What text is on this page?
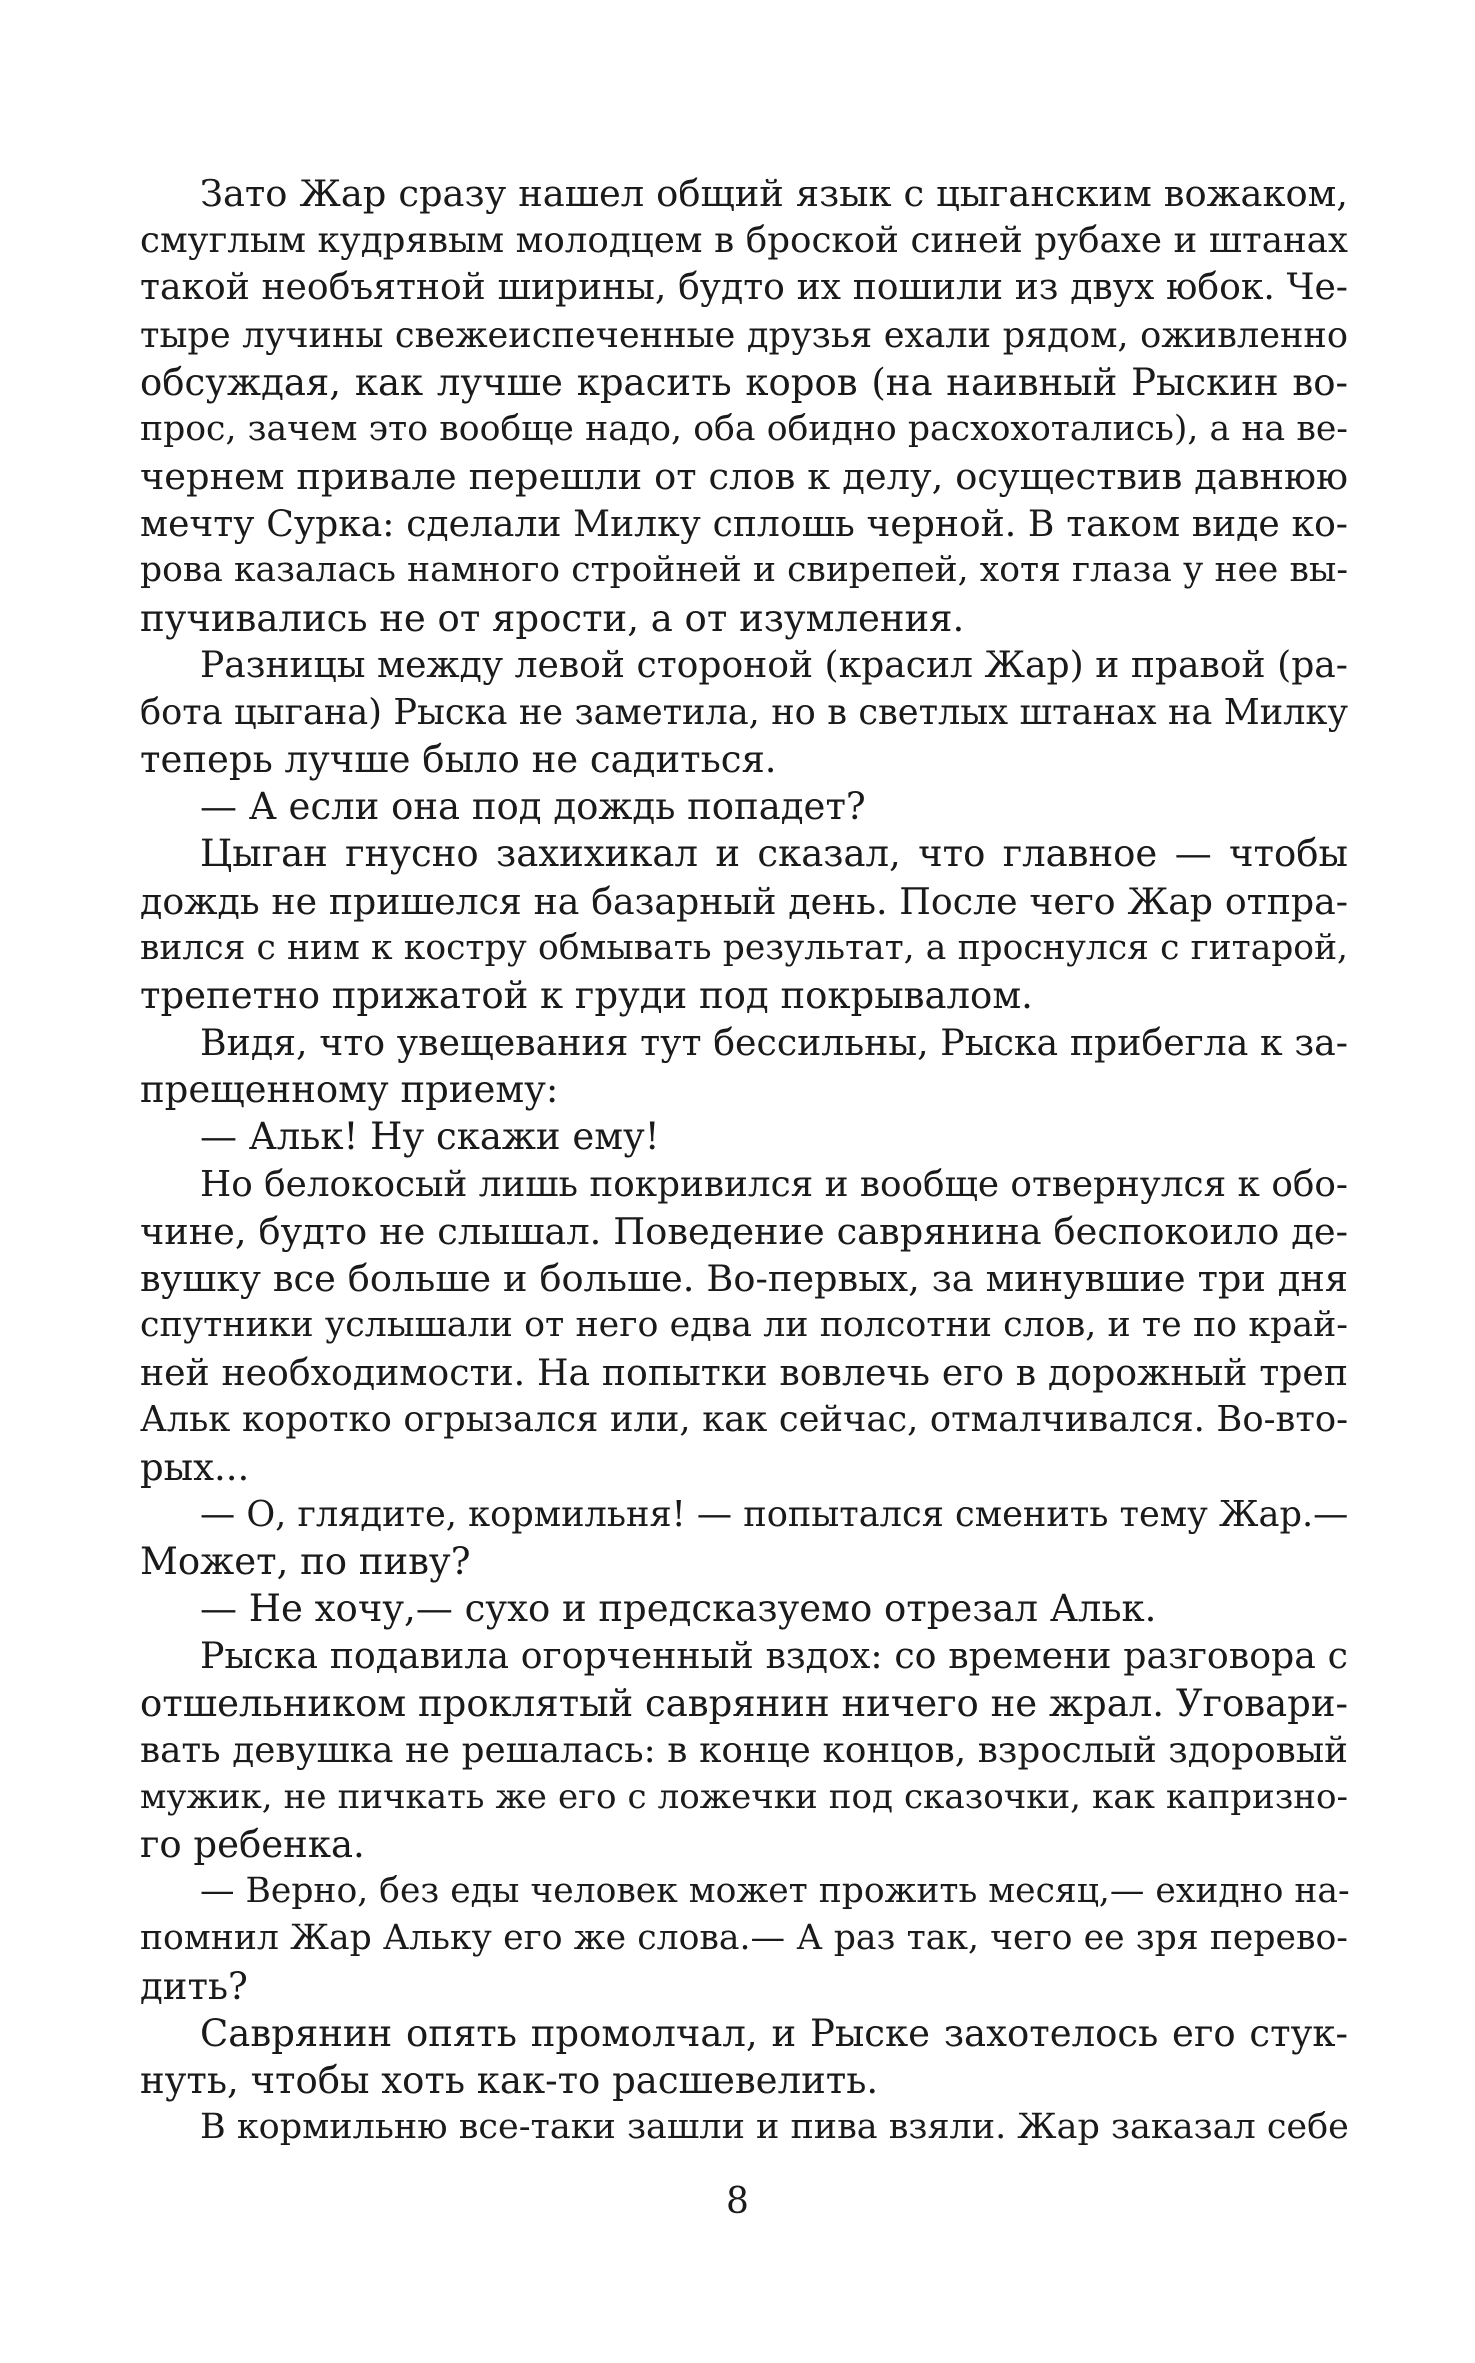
Зато Жар сразу нашел общий язык с цыганским вожаком,
смуглым кудрявым молодцем в броской синей рубахе и штанах
такой необъятной ширины, будто их пошили из двух юбок. Че-
тыре лучины свежеиспеченные друзья ехали рядом, оживленно
обсуждая, как лучше красить коров (на наивный Рыскин во-
прос, зачем это вообще надо, оба обидно расхохотались), а на ве-
чернем привале перешли от слов к делу, осуществив давнюю
мечту Сурка: сделали Милку сплошь черной. В таком виде ко-
рова казалась намного стройней и свирепей, хотя глаза у нее вы-
пучивались не от ярости, а от изумления.
Разницы между левой стороной (красил Жар) и правой (ра-
бота цыгана) Рыска не заметила, но в светлых штанах на Милку
теперь лучше было не садиться.
— А если она под дождь попадет?
Цыган гнусно захихикал и сказал, что главное — чтобы
дождь не пришелся на базарный день. После чего Жар отпра-
вился с ним к костру обмывать результат, а проснулся с гитарой,
трепетно прижатой к груди под покрывалом.
Видя, что увещевания тут бессильны, Рыска прибегла к за-
прещенному приему:
— Альк! Ну скажи ему!
Но белокосый лишь покривился и вообще отвернулся к обо-
чине, будто не слышал. Поведение саврянина беспокоило де-
вушку все больше и больше. Во-первых, за минувшие три дня
спутники услышали от него едва ли полсотни слов, и те по край-
ней необходимости. На попытки вовлечь его в дорожный треп
Альк коротко огрызался или, как сейчас, отмалчивался. Во-вто-
рых...
— О, глядите, кормильня! — попытался сменить тему Жар.—
Может, по пиву?
— Не хочу,— сухо и предсказуемо отрезал Альк.
Рыска подавила огорченный вздох: со времени разговора с
отшельником проклятый саврянин ничего не жрал. Уговари-
вать девушка не решалась: в конце концов, взрослый здоровый
мужик, не пичкать же его с ложечки под сказочки, как капризно-
го ребенка.
— Верно, без еды человек может прожить месяц,— ехидно на-
помнил Жар Альку его же слова.— А раз так, чего ее зря перево-
дить?
Саврянин опять промолчал, и Рыске захотелось его стук-
нуть, чтобы хоть как-то расшевелить.
В кормильню все-таки зашли и пива взяли. Жар заказал себе
8
